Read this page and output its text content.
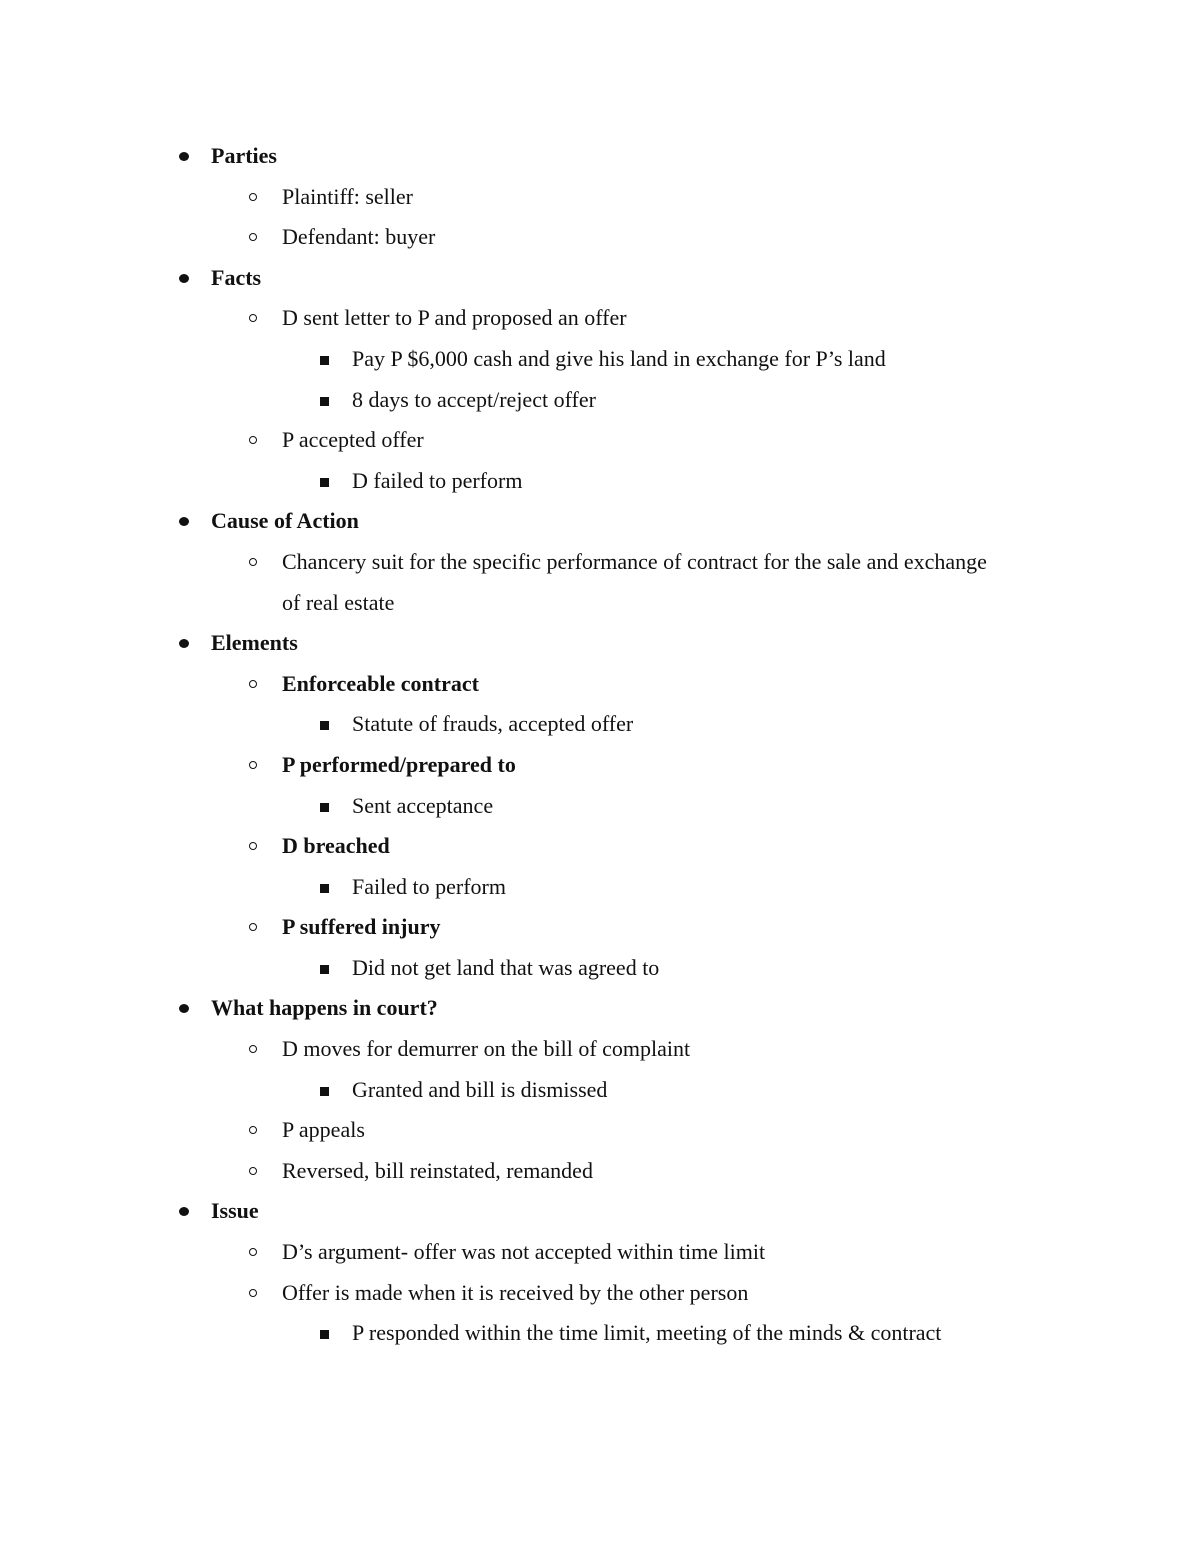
Parties
Plaintiff: seller
Defendant: buyer
Facts
D sent letter to P and proposed an offer
Pay P $6,000 cash and give his land in exchange for P’s land
8 days to accept/reject offer
P accepted offer
D failed to perform
Cause of Action
Chancery suit for the specific performance of contract for the sale and exchange
of real estate
Elements
Enforceable contract
Statute of frauds, accepted offer
P performed/prepared to
Sent acceptance
D breached
Failed to perform
P suffered injury
Did not get land that was agreed to
What happens in court?
D moves for demurrer on the bill of complaint
Granted and bill is dismissed
P appeals
Reversed, bill reinstated, remanded
Issue
D’s argument- offer was not accepted within time limit
Offer is made when it is received by the other person
P responded within the time limit, meeting of the minds & contract
